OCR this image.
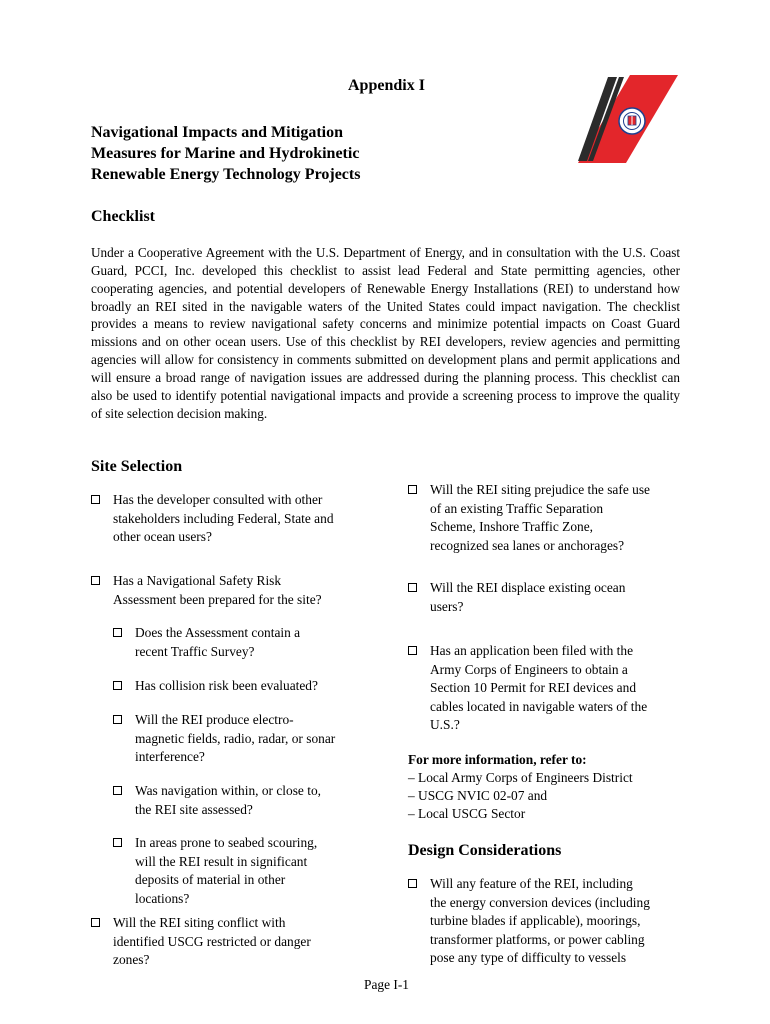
Appendix I
Navigational Impacts and Mitigation
Measures for Marine and Hydrokinetic
Renewable Energy Technology Projects
Checklist
Under a Cooperative Agreement with the U.S. Department of Energy, and in consultation with the U.S. Coast Guard, PCCI, Inc. developed this checklist to assist lead Federal and State permitting agencies, other cooperating agencies, and potential developers of Renewable Energy Installations (REI) to understand how broadly an REI sited in the navigable waters of the United States could impact navigation. The checklist provides a means to review navigational safety concerns and minimize potential impacts on Coast Guard missions and on other ocean users. Use of this checklist by REI developers, review agencies and permitting agencies will allow for consistency in comments submitted on development plans and permit applications and will ensure a broad range of navigation issues are addressed during the planning process. This checklist can also be used to identify potential navigational impacts and provide a screening process to improve the quality of site selection decision making.
Site Selection
Has the developer consulted with other
stakeholders including Federal, State and
other ocean users?
Has a Navigational Safety Risk
Assessment been prepared for the site?
Does the Assessment contain a
recent Traffic Survey?
Has collision risk been evaluated?
Will the REI produce electro-
magnetic fields, radio, radar, or sonar
interference?
Was navigation within, or close to,
the REI site assessed?
In areas prone to seabed scouring,
will the REI result in significant
deposits of material in other
locations?
Will the REI siting conflict with
identified USCG restricted or danger
zones?
Will the REI siting prejudice the safe use
of an existing Traffic Separation
Scheme, Inshore Traffic Zone,
recognized sea lanes or anchorages?
Will the REI displace existing ocean
users?
Has an application been filed with the
Army Corps of Engineers to obtain a
Section 10 Permit for REI devices and
cables located in navigable waters of the
U.S.?
For more information, refer to:
– Local Army Corps of Engineers District
– USCG NVIC 02-07 and
– Local USCG Sector
Design Considerations
Will any feature of the REI, including
the energy conversion devices (including
turbine blades if applicable), moorings,
transformer platforms, or power cabling
pose any type of difficulty to vessels
Page I-1
